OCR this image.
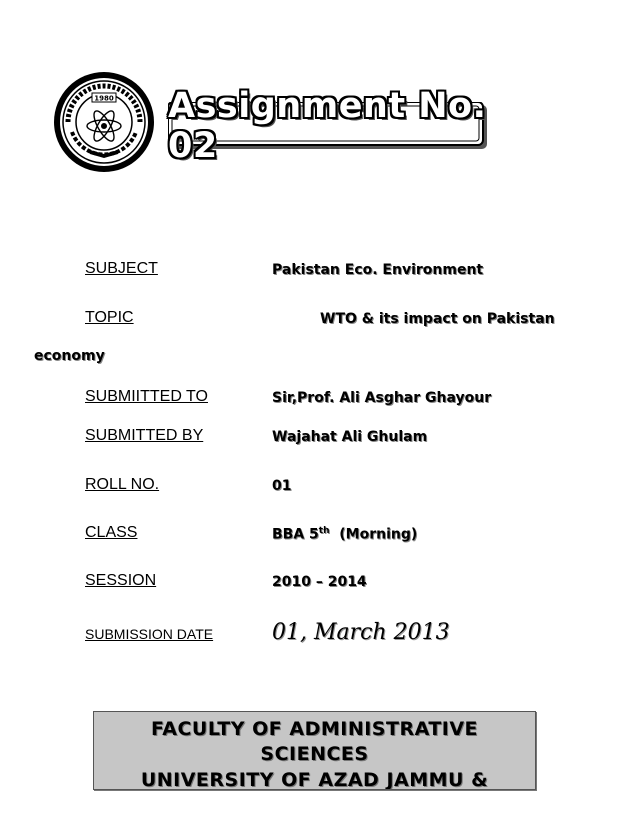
1980 Assignment No. 02
SUBJECT	Pakistan Eco. Environment
TOPIC	WTO & its impact on Pakistan
economy
SUBMIITTED TO	Sir,Prof. Ali Asghar Ghayour
SUBMITTED BY	Wajahat Ali Ghulam
ROLL NO.	01
CLASS	BBA 5th  (Morning)
SESSION	2010 – 2014
SUBMISSION DATE	01, March 2013
FACULTY OF ADMINISTRATIVE
SCIENCES
UNIVERSITY OF AZAD JAMMU &
